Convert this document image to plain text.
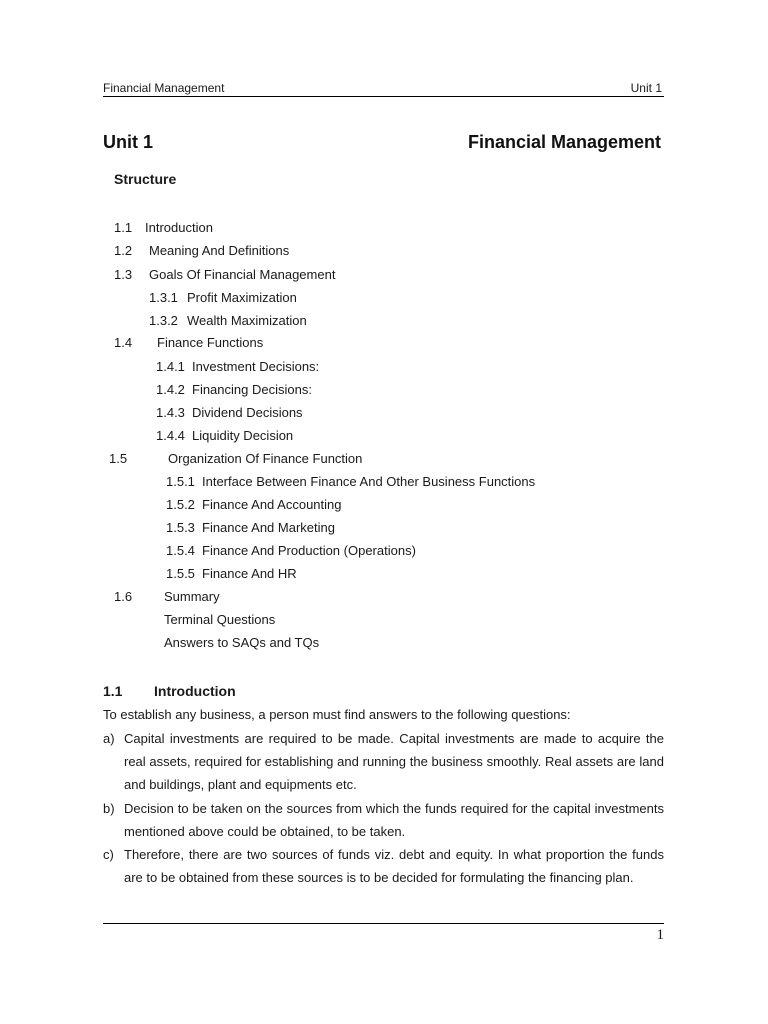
Financial Management	Unit 1
Unit 1	Financial Management
Structure
1.1 Introduction
1.2 Meaning And Definitions
1.3 Goals Of Financial Management
1.3.1 Profit Maximization
1.3.2 Wealth Maximization
1.4 Finance Functions
1.4.1 Investment Decisions:
1.4.2 Financing Decisions:
1.4.3 Dividend Decisions
1.4.4 Liquidity Decision
1.5	Organization Of Finance Function
1.5.1 Interface Between Finance And Other Business Functions
1.5.2 Finance And Accounting
1.5.3 Finance And Marketing
1.5.4 Finance And Production (Operations)
1.5.5 Finance And HR
1.6 Summary
Terminal Questions
Answers to SAQs and TQs
1.1 Introduction
To establish any business, a person must find answers to the following questions:
a) Capital investments are required to be made. Capital investments are made to acquire the real assets, required for establishing and running the business smoothly. Real assets are land and buildings, plant and equipments etc.
b) Decision to be taken on the sources from which the funds required for the capital investments mentioned above could be obtained, to be taken.
c) Therefore, there are two sources of funds viz. debt and equity. In what proportion the funds are to be obtained from these sources is to be decided for formulating the financing plan.
1
